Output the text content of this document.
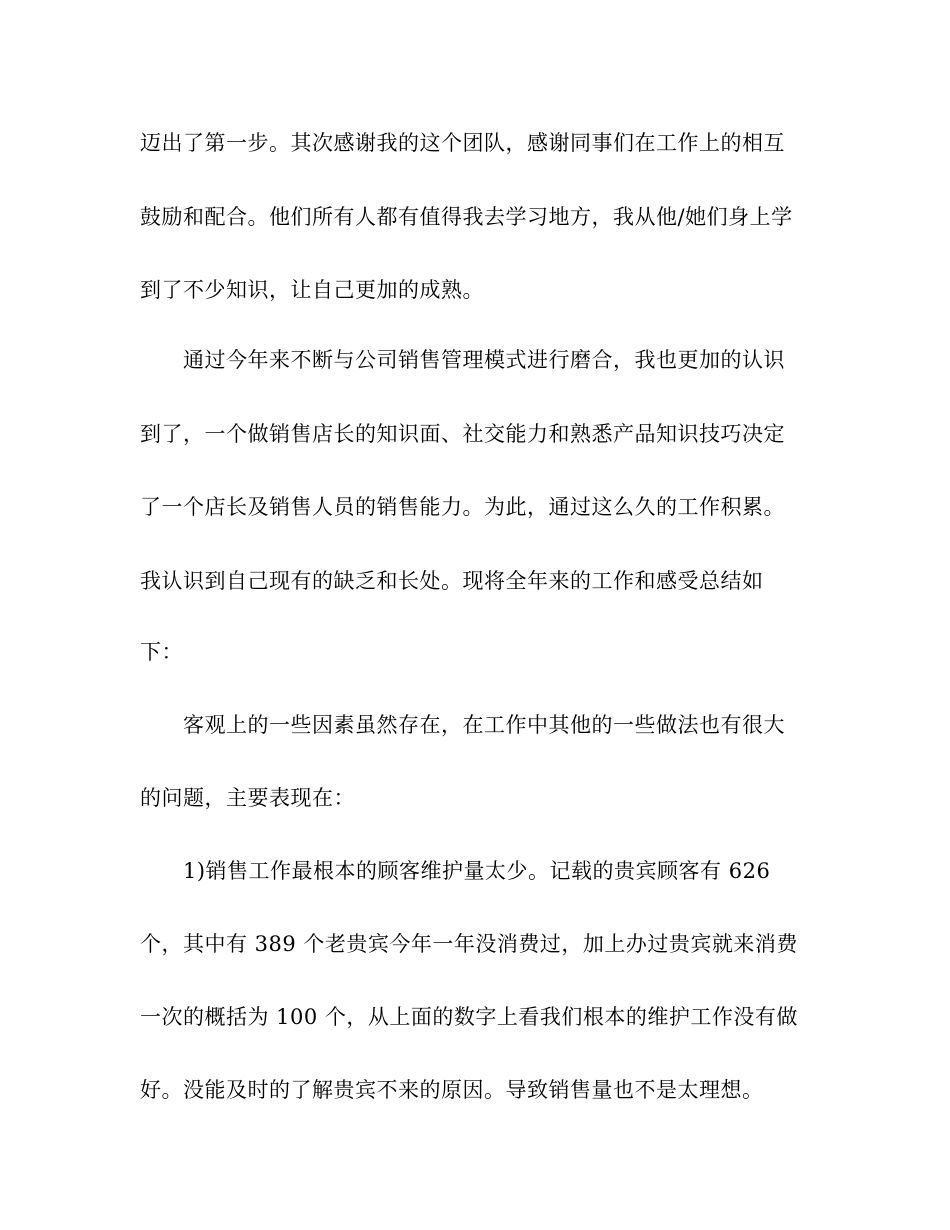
迈出了第一步。其次感谢我的这个团队，感谢同事们在工作上的相互
鼓励和配合。他们所有人都有值得我去学习地方，我从他/她们身上学
到了不少知识，让自己更加的成熟。
通过今年来不断与公司销售管理模式进行磨合，我也更加的认识
到了，一个做销售店长的知识面、社交能力和熟悉产品知识技巧决定
了一个店长及销售人员的销售能力。为此，通过这么久的工作积累。
我认识到自己现有的缺乏和长处。现将全年来的工作和感受总结如
下：
客观上的一些因素虽然存在，在工作中其他的一些做法也有很大
的问题，主要表现在：
1)销售工作最根本的顾客维护量太少。记载的贵宾顾客有 626
个，其中有 389 个老贵宾今年一年没消费过，加上办过贵宾就来消费
一次的概括为 100 个，从上面的数字上看我们根本的维护工作没有做
好。没能及时的了解贵宾不来的原因。导致销售量也不是太理想。
